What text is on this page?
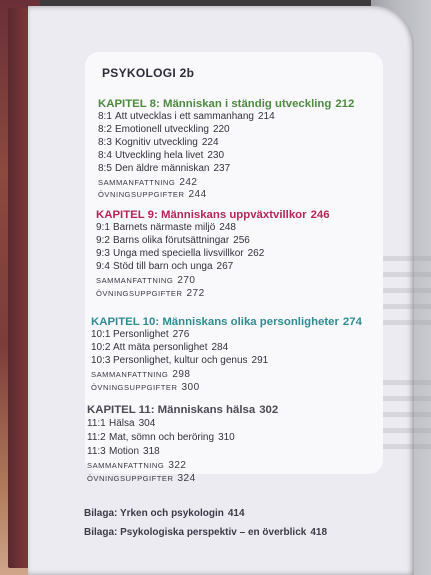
PSYKOLOGI 2b
KAPITEL 8: Människan i ständig utveckling 212
8:1 Att utvecklas i ett sammanhang 214
8:2 Emotionell utveckling 220
8:3 Kognitiv utveckling 224
8:4 Utveckling hela livet 230
8:5 Den äldre människan 237
SAMMANFATTNING 242
ÖVNINGSUPPGIFTER 244
KAPITEL 9: Människans uppväxtvillkor 246
9:1 Barnets närmaste miljö 248
9:2 Barns olika förutsättningar 256
9:3 Unga med speciella livsvillkor 262
9:4 Stöd till barn och unga 267
SAMMANFATTNING 270
ÖVNINGSUPPGIFTER 272
KAPITEL 10: Människans olika personligheter 274
10:1 Personlighet 276
10:2 Att mäta personlighet 284
10:3 Personlighet, kultur och genus 291
SAMMANFATTNING 298
ÖVNINGSUPPGIFTER 300
KAPITEL 11: Människans hälsa 302
11:1 Hälsa 304
11:2 Mat, sömn och beröring 310
11:3 Motion 318
SAMMANFATTNING 322
ÖVNINGSUPPGIFTER 324
Bilaga: Yrken och psykologin 414
Bilaga: Psykologiska perspektiv – en överblick 418
